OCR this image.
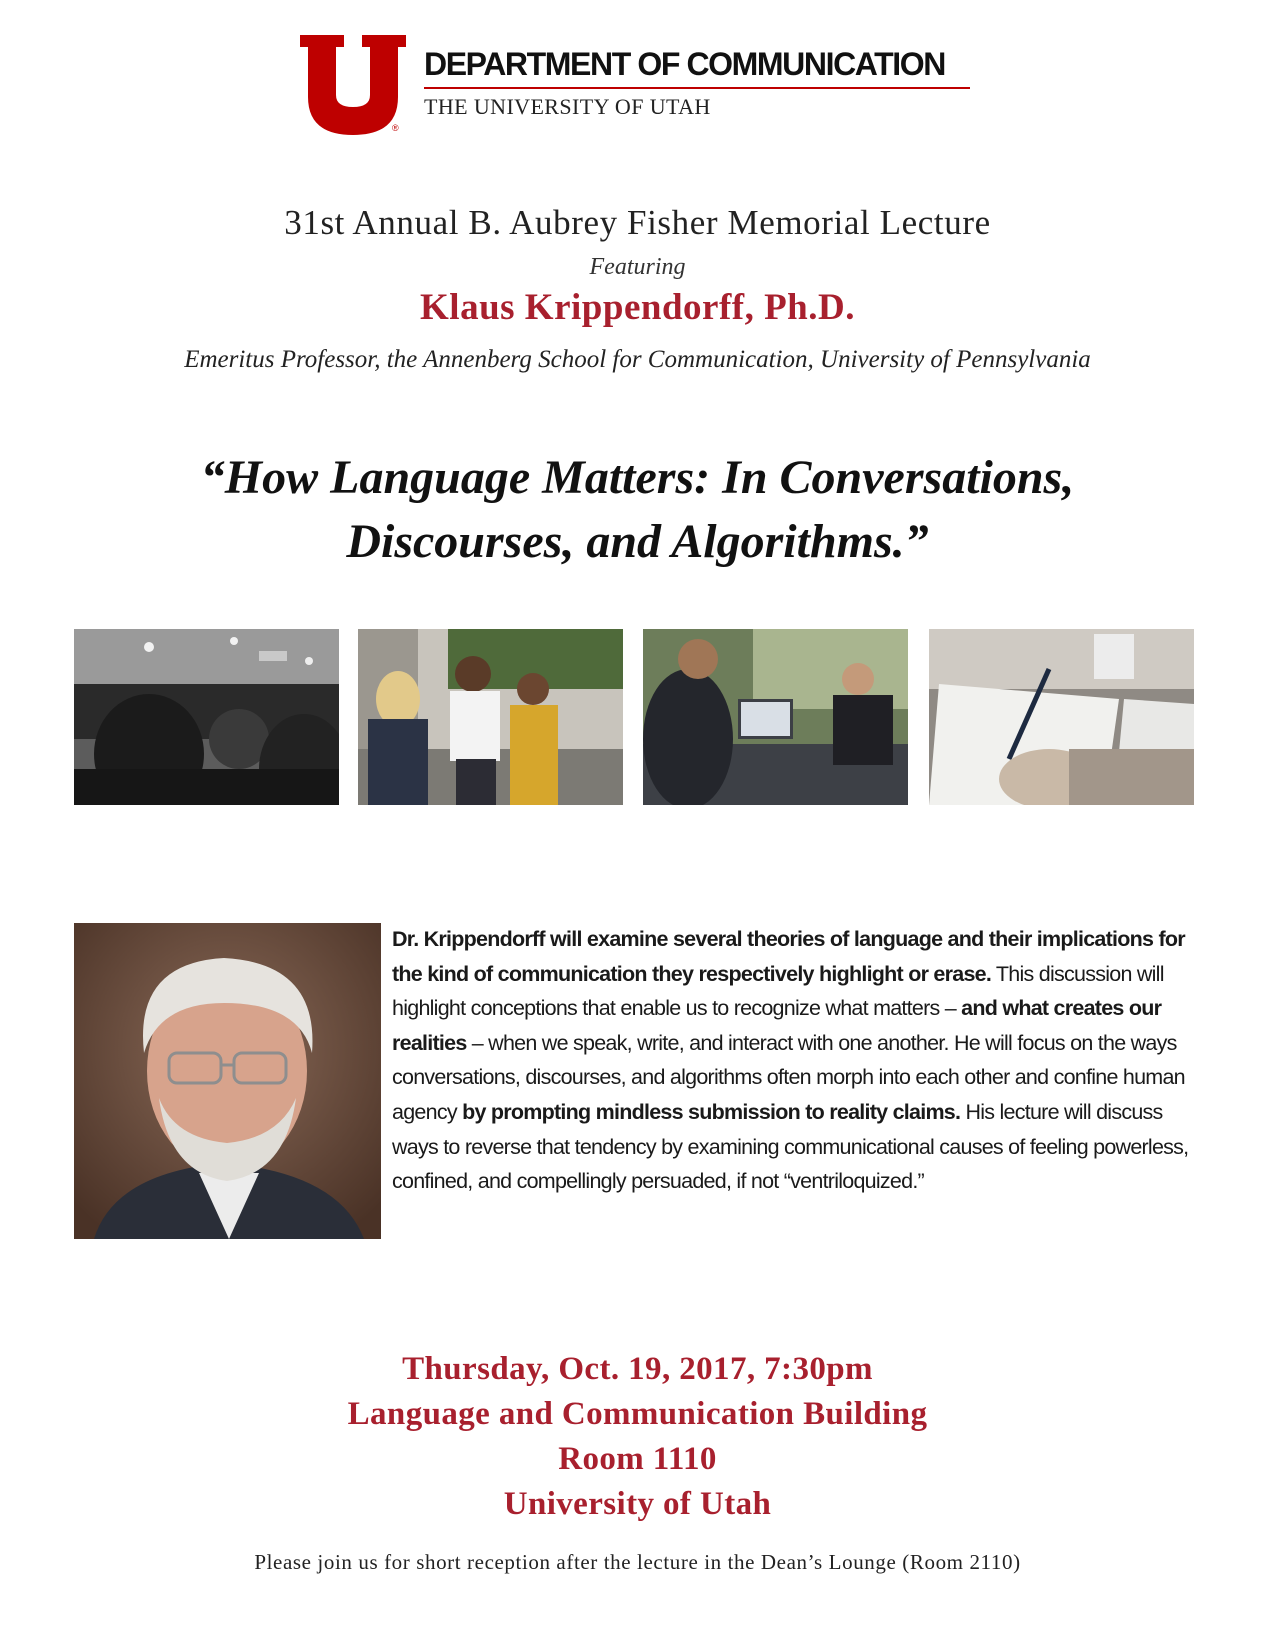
®
DEPARTMENT OF COMMUNICATION

THE UNIVERSITY OF UTAH

31st Annual B. Aubrey Fisher Memorial Lecture

Featuring

Klaus Krippendorff, Ph.D.

Emeritus Professor, the Annenberg School for Communication, University of Pennsylvania

“How Language Matters: In Conversations,
Discourses, and Algorithms.”

Dr. Krippendorff will examine several theories of language and their implications for the kind of communication they respectively highlight or erase. This discussion will highlight conceptions that enable us to recognize what matters – and what creates our realities – when we speak, write, and interact with one another. He will focus on the ways conversations, discourses, and algorithms often morph into each other and confine human agency by prompting mindless submission to reality claims. His lecture will discuss ways to reverse that tendency by examining communicational causes of feeling powerless, confined, and compellingly persuaded, if not “ventriloquized.”

Thursday, Oct. 19, 2017, 7:30pm
Language and Communication Building
Room 1110
University of Utah

Please join us for short reception after the lecture in the Dean’s Lounge (Room 2110)
